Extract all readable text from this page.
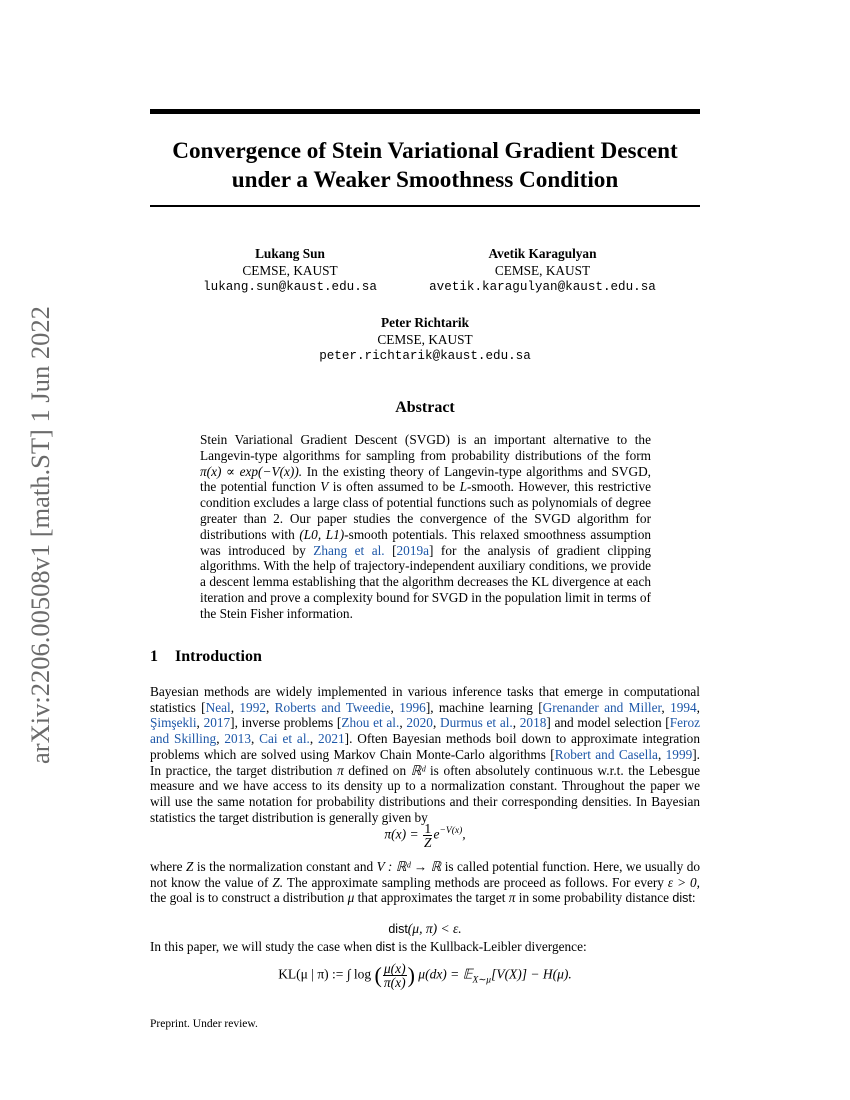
arXiv:2206.00508v1 [math.ST] 1 Jun 2022
Convergence of Stein Variational Gradient Descent
under a Weaker Smoothness Condition
Lukang Sun
CEMSE, KAUST
lukang.sun@kaust.edu.sa
Avetik Karagulyan
CEMSE, KAUST
avetik.karagulyan@kaust.edu.sa
Peter Richtarik
CEMSE, KAUST
peter.richtarik@kaust.edu.sa
Abstract
Stein Variational Gradient Descent (SVGD) is an important alternative to the Langevin-type algorithms for sampling from probability distributions of the form π(x) ∝ exp(−V(x)). In the existing theory of Langevin-type algorithms and SVGD, the potential function V is often assumed to be L-smooth. However, this restrictive condition excludes a large class of potential functions such as polynomials of degree greater than 2. Our paper studies the convergence of the SVGD algorithm for distributions with (L0, L1)-smooth potentials. This relaxed smoothness assumption was introduced by Zhang et al. [2019a] for the analysis of gradient clipping algorithms. With the help of trajectory-independent auxiliary conditions, we provide a descent lemma establishing that the algorithm decreases the KL divergence at each iteration and prove a complexity bound for SVGD in the population limit in terms of the Stein Fisher information.
1 Introduction
Bayesian methods are widely implemented in various inference tasks that emerge in computational statistics [Neal, 1992, Roberts and Tweedie, 1996], machine learning [Grenander and Miller, 1994, Şimşekli, 2017], inverse problems [Zhou et al., 2020, Durmus et al., 2018] and model selection [Feroz and Skilling, 2013, Cai et al., 2021]. Often Bayesian methods boil down to approximate integration problems which are solved using Markov Chain Monte-Carlo algorithms [Robert and Casella, 1999]. In practice, the target distribution π defined on ℝᵈ is often absolutely continuous w.r.t. the Lebesgue measure and we have access to its density up to a normalization constant. Throughout the paper we will use the same notation for probability distributions and their corresponding densities. In Bayesian statistics the target distribution is generally given by
$\pi(x) = \frac{1}{Z} e^{-V(x)}$,
where Z is the normalization constant and V : ℝᵈ → ℝ is called potential function. Here, we usually do not know the value of Z. The approximate sampling methods are proceed as follows. For every ε > 0, the goal is to construct a distribution μ that approximates the target π in some probability distance dist:
dist(μ, π) < ε.
In this paper, we will study the case when dist is the Kullback-Leibler divergence:
KL(μ | π) := ∫ log ( $\frac{\mu(x)}{\pi(x)}$ ) μ(dx) = 𝔼$_{X\sim\mu}$[V(X)] − H(μ).
Preprint. Under review.
